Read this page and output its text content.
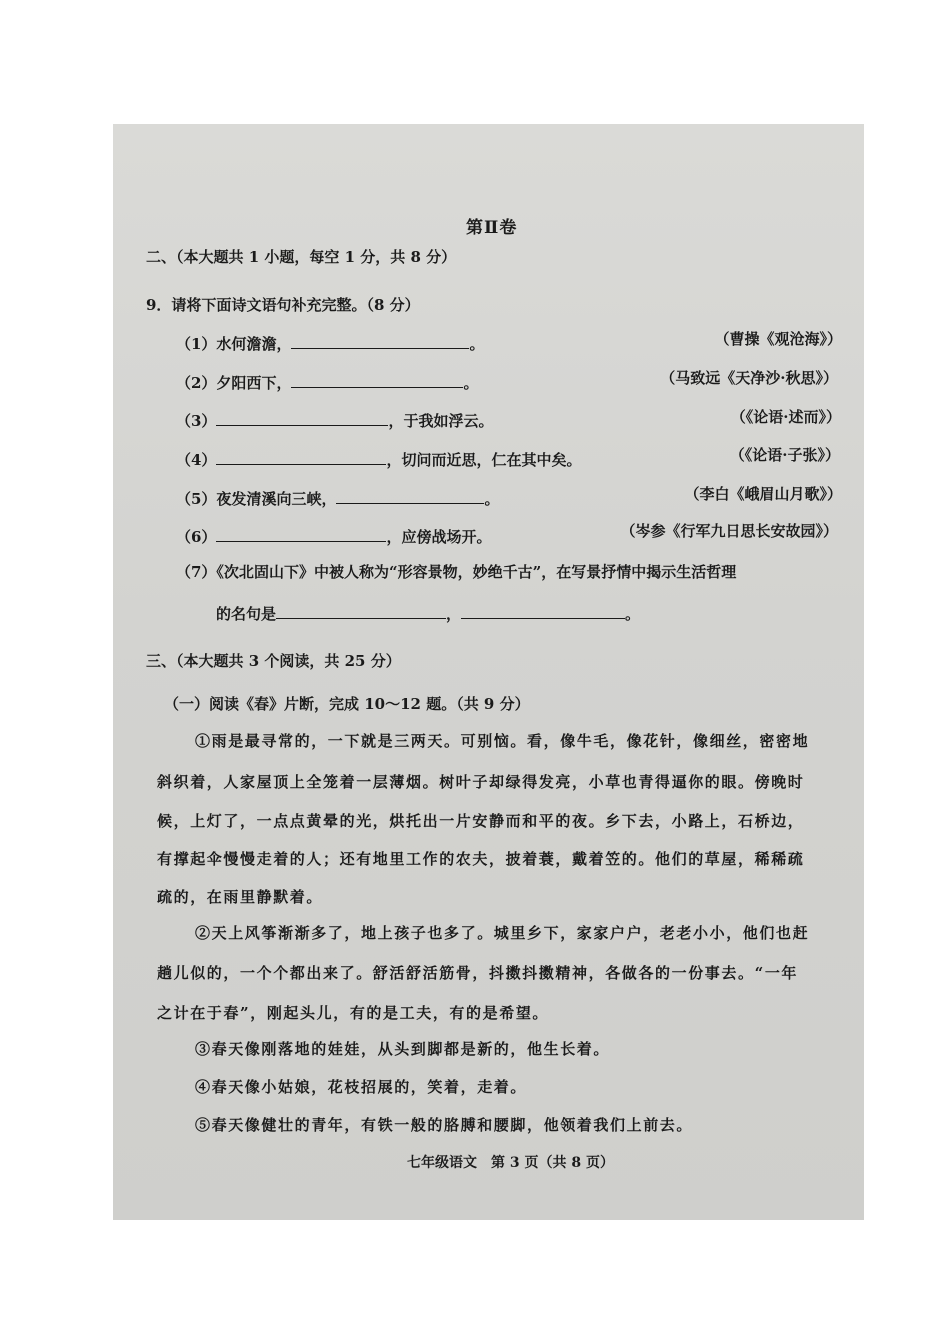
第Ⅱ卷
二、（本大题共 1 小题，每空 1 分，共 8 分）
9．请将下面诗文语句补充完整。（8 分）
（1）水何澹澹，	。	（曹操《观沧海》）
（2）夕阳西下，	。	（马致远《天净沙·秋思》）
（3）	，于我如浮云。	（《论语·述而》）
（4）	，切问而近思，仁在其中矣。	（《论语·子张》）
（5）夜发清溪向三峡，	。	（李白《峨眉山月歌》）
（6）	，应傍战场开。	（岑参《行军九日思长安故园》）
（7）《次北固山下》中被人称为“形容景物，妙绝千古”，在写景抒情中揭示生活哲理
的名句是	，	。
三、（本大题共 3 个阅读，共 25 分）
（一）阅读《春》片断，完成 10～12 题。（共 9 分）
①雨是最寻常的，一下就是三两天。可别恼。看，像牛毛，像花针，像细丝，密密地
斜织着，人家屋顶上全笼着一层薄烟。树叶子却绿得发亮，小草也青得逼你的眼。傍晚时
候，上灯了，一点点黄晕的光，烘托出一片安静而和平的夜。乡下去，小路上，石桥边，
有撑起伞慢慢走着的人；还有地里工作的农夫，披着蓑，戴着笠的。他们的草屋，稀稀疏
疏的，在雨里静默着。
②天上风筝渐渐多了，地上孩子也多了。城里乡下，家家户户，老老小小，他们也赶
趟儿似的，一个个都出来了。舒活舒活筋骨，抖擞抖擞精神，各做各的一份事去。“一年
之计在于春”，刚起头儿，有的是工夫，有的是希望。
③春天像刚落地的娃娃，从头到脚都是新的，他生长着。
④春天像小姑娘，花枝招展的，笑着，走着。
⑤春天像健壮的青年，有铁一般的胳膊和腰脚，他领着我们上前去。
七年级语文　第 3 页（共 8 页）
